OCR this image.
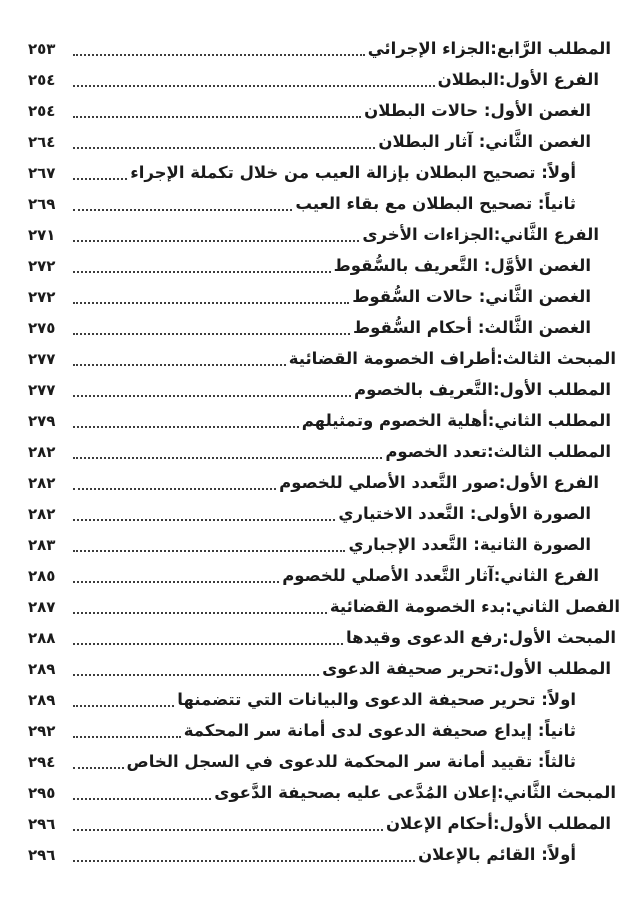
المطلب الرَّابع:الجزاء الإجرائي
٢٥٣
الفرع الأول:البطلان
٢٥٤
الغصن الأول: حالات البطلان
٢٥٤
الغصن الثَّاني: آثار البطلان
٢٦٤
أولاً: تصحيح البطلان بإزالة العيب من خلال تكملة الإجراء
٢٦٧
ثانياً: تصحيح البطلان مع بقاء العيب
٢٦٩
الفرع الثَّاني:الجزاءات الأخرى
٢٧١
الغصن الأوَّل: التَّعريف بالسُّقوط
٢٧٢
الغصن الثَّاني: حالات السُّقوط
٢٧٢
الغصن الثَّالث: أحكام السُّقوط
٢٧٥
المبحث الثالث:أطراف الخصومة القضائية
٢٧٧
المطلب الأول:التَّعريف بالخصوم
٢٧٧
المطلب الثاني:أهلية الخصوم وتمثيلهم
٢٧٩
المطلب الثالث:تعدد الخصوم
٢٨٢
الفرع الأول:صور التَّعدد الأصلي للخصوم
٢٨٢
الصورة الأولى: التَّعدد الاختياري
٢٨٢
الصورة الثانية: التَّعدد الإجباري
٢٨٣
الفرع الثاني:آثار التَّعدد الأصلي للخصوم
٢٨٥
الفصل الثاني:بدء الخصومة القضائية
٢٨٧
المبحث الأول:رفع الدعوى وقيدها
٢٨٨
المطلب الأول:تحرير صحيفة الدعوى
٢٨٩
اولاً: تحرير صحيفة الدعوى والبيانات التي تتضمنها
٢٨٩
ثانياً: إيداع صحيفة الدعوى لدى أمانة سر المحكمة
٢٩٢
ثالثاً: تقييد أمانة سر المحكمة للدعوى في السجل الخاص
٢٩٤
المبحث الثَّاني:إعلان المُدَّعى عليه بصحيفة الدَّعوى
٢٩٥
المطلب الأول:أحكام الإعلان
٢٩٦
أولاً: القائم بالإعلان
٢٩٦
